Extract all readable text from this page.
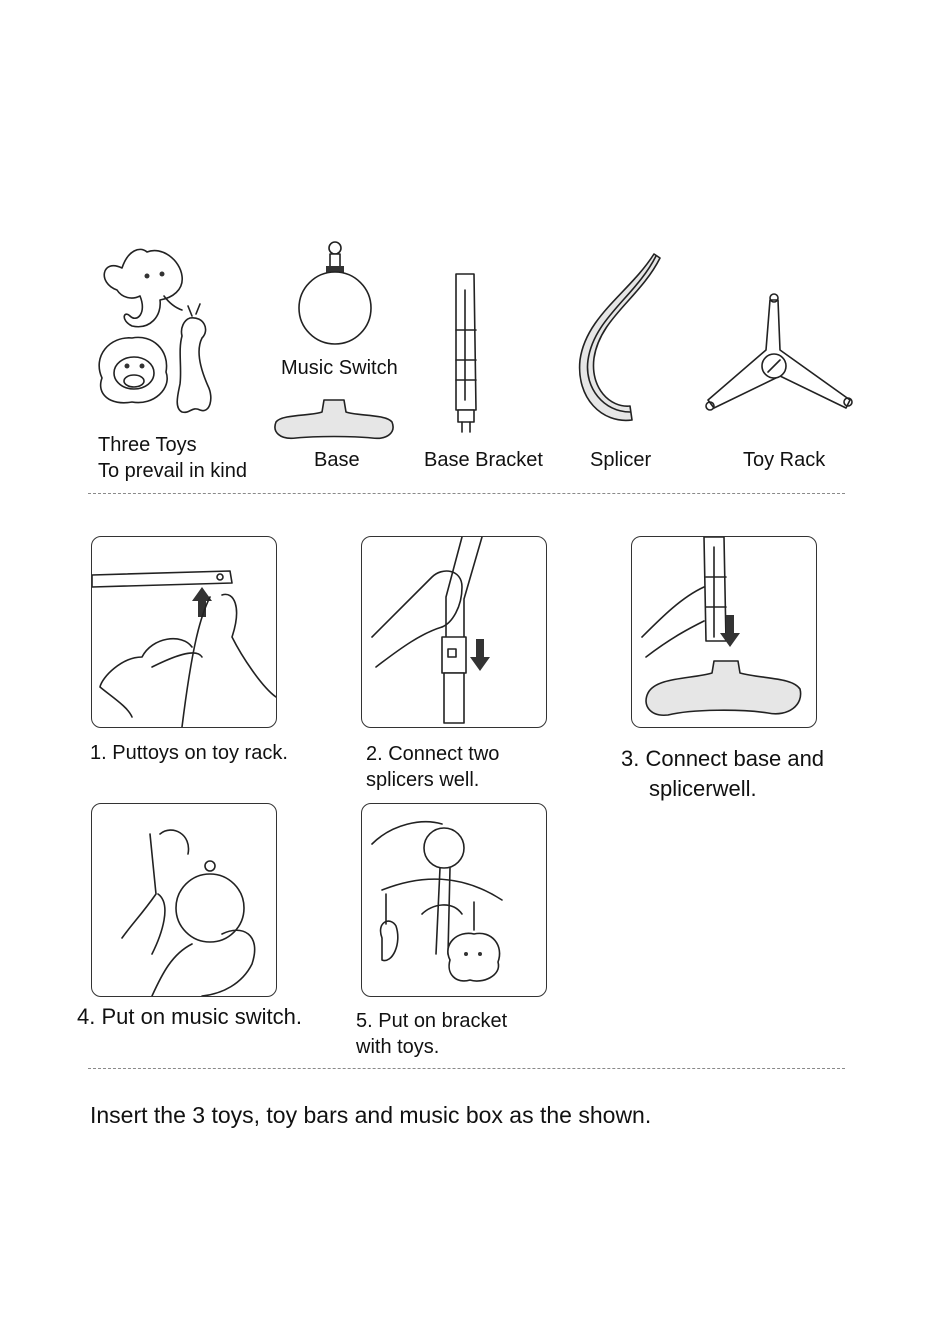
Three Toys
To prevail in kind
Music Switch
Base	Base Bracket Splicer	Toy Rack
1. Puttoys on toy rack.	2. Connect two
splicers well.
3. Connect base and
splicerwell.
4. Put on music switch.	5. Put on bracket
with toys.
Insert the 3 toys, toy bars and music box as the shown.
